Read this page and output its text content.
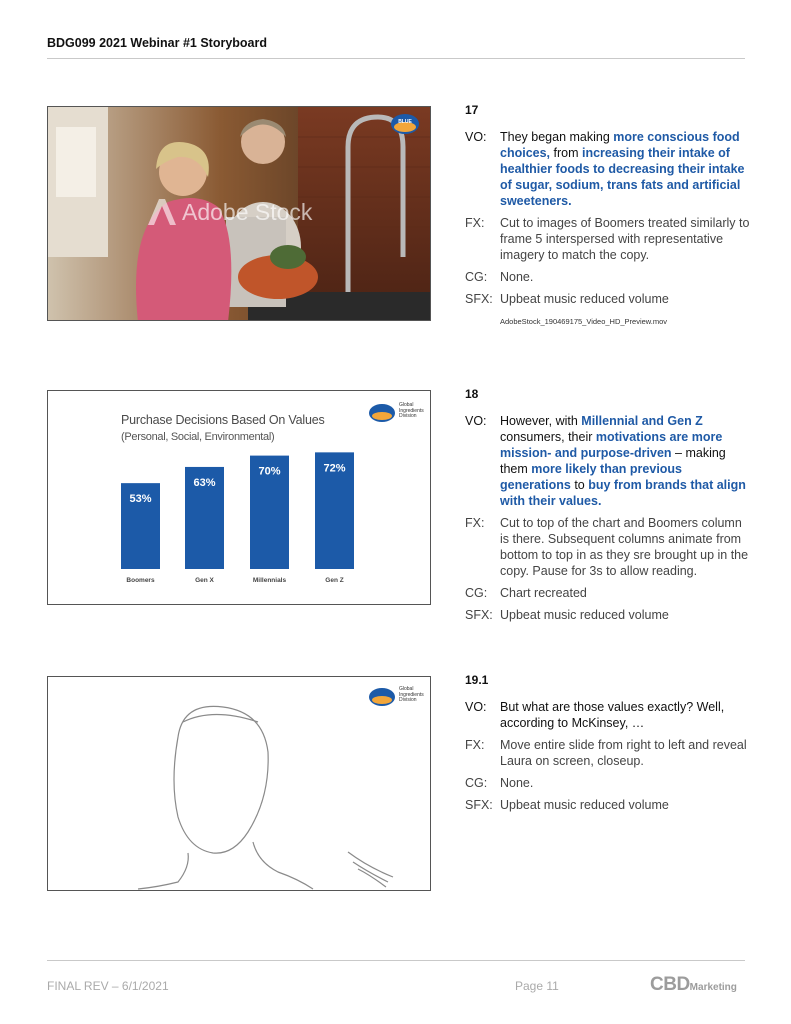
BDG099 2021 Webinar #1 Storyboard
Adobe Stock
BLUE
Purchase Decisions Based On Values
(Personal, Social, Environmental)
Global
Ingredients
Division
53%
Boomers
63%
Gen X
70%
Millennials
72%
Gen Z
Global
Ingredients
Division
17
VO:	They began making more conscious food choices, from increasing their intake of healthier foods to decreasing their intake of sugar, sodium, trans fats and artificial sweeteners.
FX:	Cut to images of Boomers treated similarly to frame 5 interspersed with representative imagery to match the copy.
CG:	None.
SFX: Upbeat music reduced volume
AdobeStock_190469175_Video_HD_Preview.mov
18
VO:	However, with Millennial and Gen Z consumers, their motivations are more mission- and purpose-driven – making them more likely than previous generations to buy from brands that align with their values.
FX:	Cut to top of the chart and Boomers column is there. Subsequent columns animate from bottom to top in as they sre brought up in the copy. Pause for 3s to allow reading.
CG:	Chart recreated
SFX: Upbeat music reduced volume
19.1
VO:	But what are those values exactly? Well, according to McKinsey, …
FX:	Move entire slide from right to left and reveal Laura on screen, closeup.
CG:	None.
SFX: Upbeat music reduced volume
FINAL REV – 6/1/2021	Page 11	CBDMarketing
